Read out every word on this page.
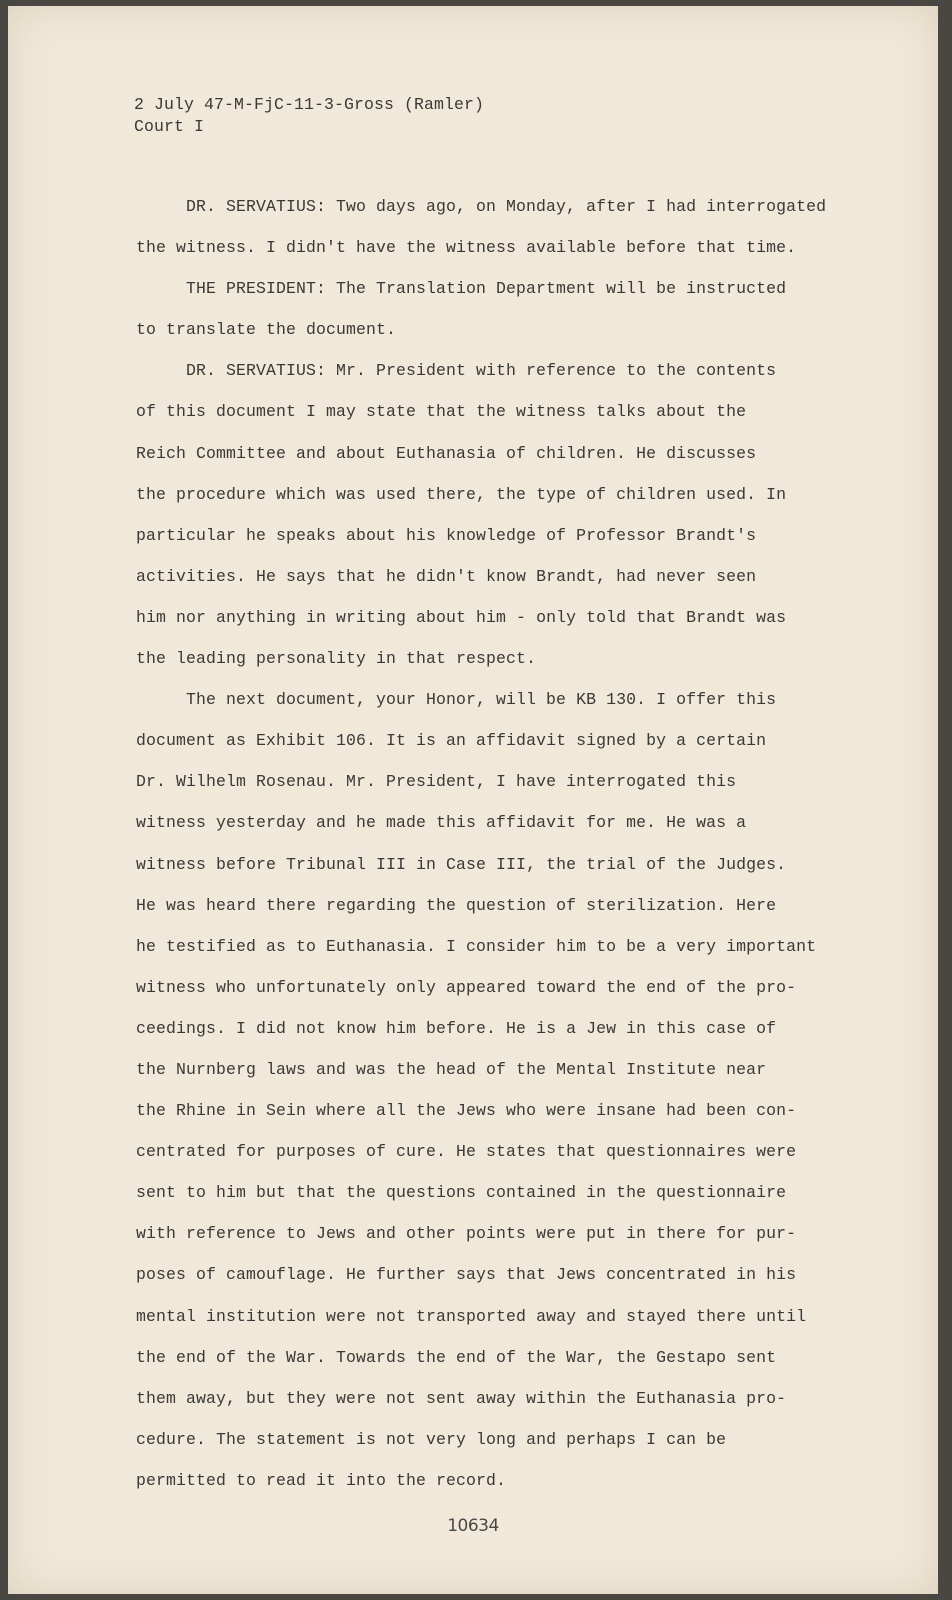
2 July 47-M-FjC-11-3-Gross (Ramler)
Court I
DR. SERVATIUS: Two days ago, on Monday, after I had interrogated
the witness. I didn't have the witness available before that time.
THE PRESIDENT: The Translation Department will be instructed
to translate the document.
DR. SERVATIUS: Mr. President with reference to the contents
of this document I may state that the witness talks about the
Reich Committee and about Euthanasia of children. He discusses
the procedure which was used there, the type of children used. In
particular he speaks about his knowledge of Professor Brandt's
activities. He says that he didn't know Brandt, had never seen
him nor anything in writing about him - only told that Brandt was
the leading personality in that respect.
The next document, your Honor, will be KB 130. I offer this
document as Exhibit 106. It is an affidavit signed by a certain
Dr. Wilhelm Rosenau. Mr. President, I have interrogated this
witness yesterday and he made this affidavit for me. He was a
witness before Tribunal III in Case III, the trial of the Judges.
He was heard there regarding the question of sterilization. Here
he testified as to Euthanasia. I consider him to be a very important
witness who unfortunately only appeared toward the end of the pro-
ceedings. I did not know him before. He is a Jew in this case of
the Nurnberg laws and was the head of the Mental Institute near
the Rhine in Sein where all the Jews who were insane had been con-
centrated for purposes of cure. He states that questionnaires were
sent to him but that the questions contained in the questionnaire
with reference to Jews and other points were put in there for pur-
poses of camouflage. He further says that Jews concentrated in his
mental institution were not transported away and stayed there until
the end of the War. Towards the end of the War, the Gestapo sent
them away, but they were not sent away within the Euthanasia pro-
cedure. The statement is not very long and perhaps I can be
permitted to read it into the record.
10634
